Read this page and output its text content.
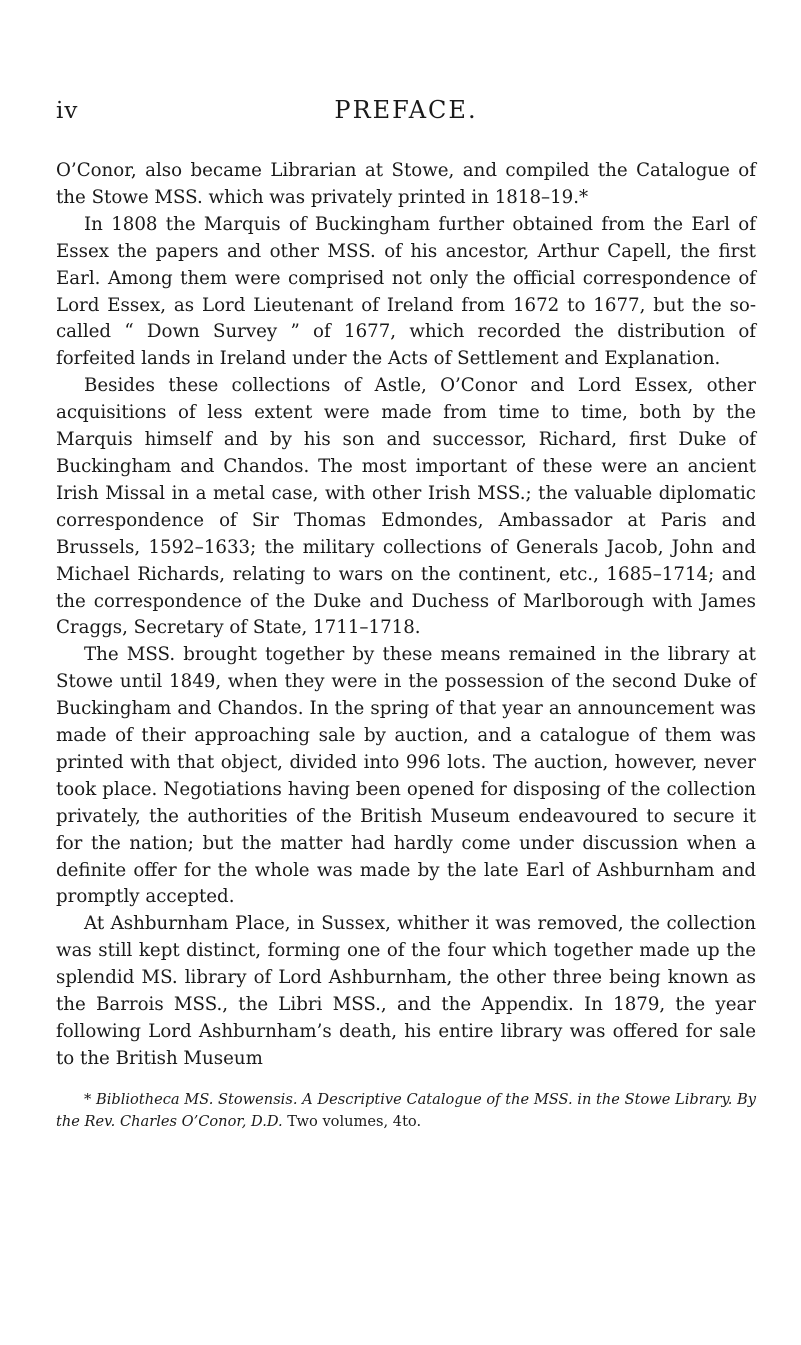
iv	PREFACE.

O’Conor, also became Librarian at Stowe, and compiled the Catalogue of the Stowe MSS. which was privately printed in 1818–19.*

In 1808 the Marquis of Buckingham further obtained from the Earl of Essex the papers and other MSS. of his ancestor, Arthur Capell, the first Earl. Among them were comprised not only the official correspondence of Lord Essex, as Lord Lieutenant of Ireland from 1672 to 1677, but the so-called “ Down Survey ” of 1677, which recorded the distribution of forfeited lands in Ireland under the Acts of Settlement and Explanation.

Besides these collections of Astle, O’Conor and Lord Essex, other acquisitions of less extent were made from time to time, both by the Marquis himself and by his son and successor, Richard, first Duke of Buckingham and Chandos. The most important of these were an ancient Irish Missal in a metal case, with other Irish MSS.; the valuable diplomatic correspondence of Sir Thomas Edmondes, Ambassador at Paris and Brussels, 1592–1633; the military collections of Generals Jacob, John and Michael Richards, relating to wars on the continent, etc., 1685–1714; and the correspondence of the Duke and Duchess of Marlborough with James Craggs, Secretary of State, 1711–1718.

The MSS. brought together by these means remained in the library at Stowe until 1849, when they were in the possession of the second Duke of Buckingham and Chandos. In the spring of that year an announcement was made of their approaching sale by auction, and a catalogue of them was printed with that object, divided into 996 lots. The auction, however, never took place. Negotiations having been opened for disposing of the collection privately, the authorities of the British Museum endeavoured to secure it for the nation; but the matter had hardly come under discussion when a definite offer for the whole was made by the late Earl of Ashburnham and promptly accepted.

At Ashburnham Place, in Sussex, whither it was removed, the collection was still kept distinct, forming one of the four which together made up the splendid MS. library of Lord Ashburnham, the other three being known as the Barrois MSS., the Libri MSS., and the Appendix. In 1879, the year following Lord Ashburnham’s death, his entire library was offered for sale to the British Museum

* Bibliotheca MS. Stowensis. A Descriptive Catalogue of the MSS. in the Stowe Library. By the Rev. Charles O’Conor, D.D. Two volumes, 4to.
